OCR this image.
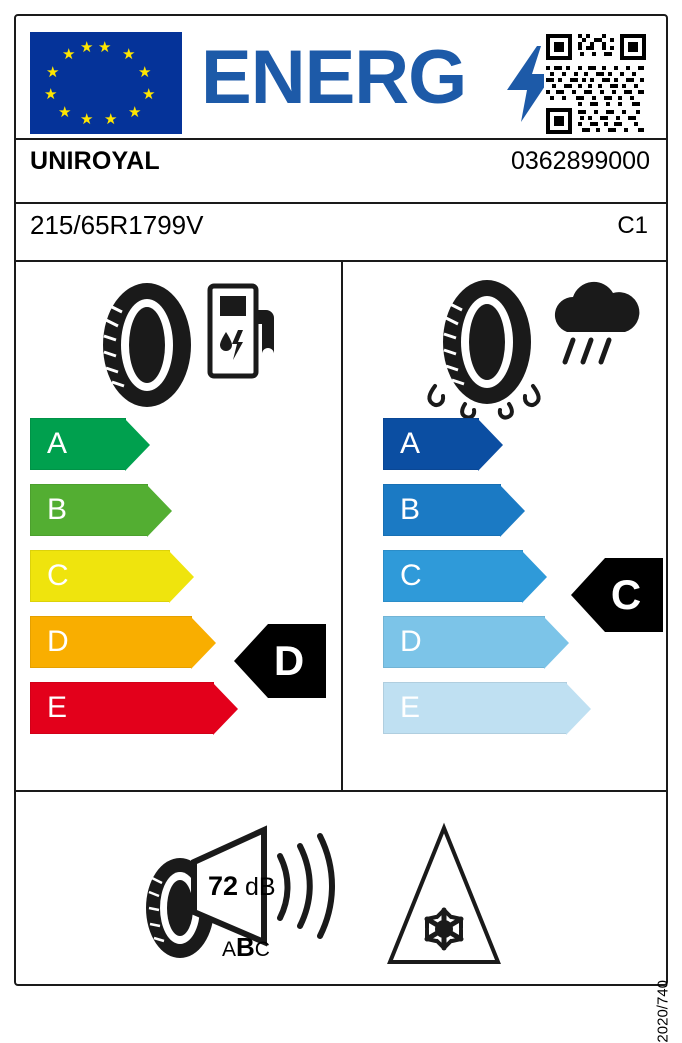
★ ★
★
★
★
★
★
★
★
★
★ ★ ENERG
UNIROYAL	0362899000
215/65R1799V	C1
A
B
C
D
E
D
A
B
C
D
E
C
72 dB
ABC
2020/740
